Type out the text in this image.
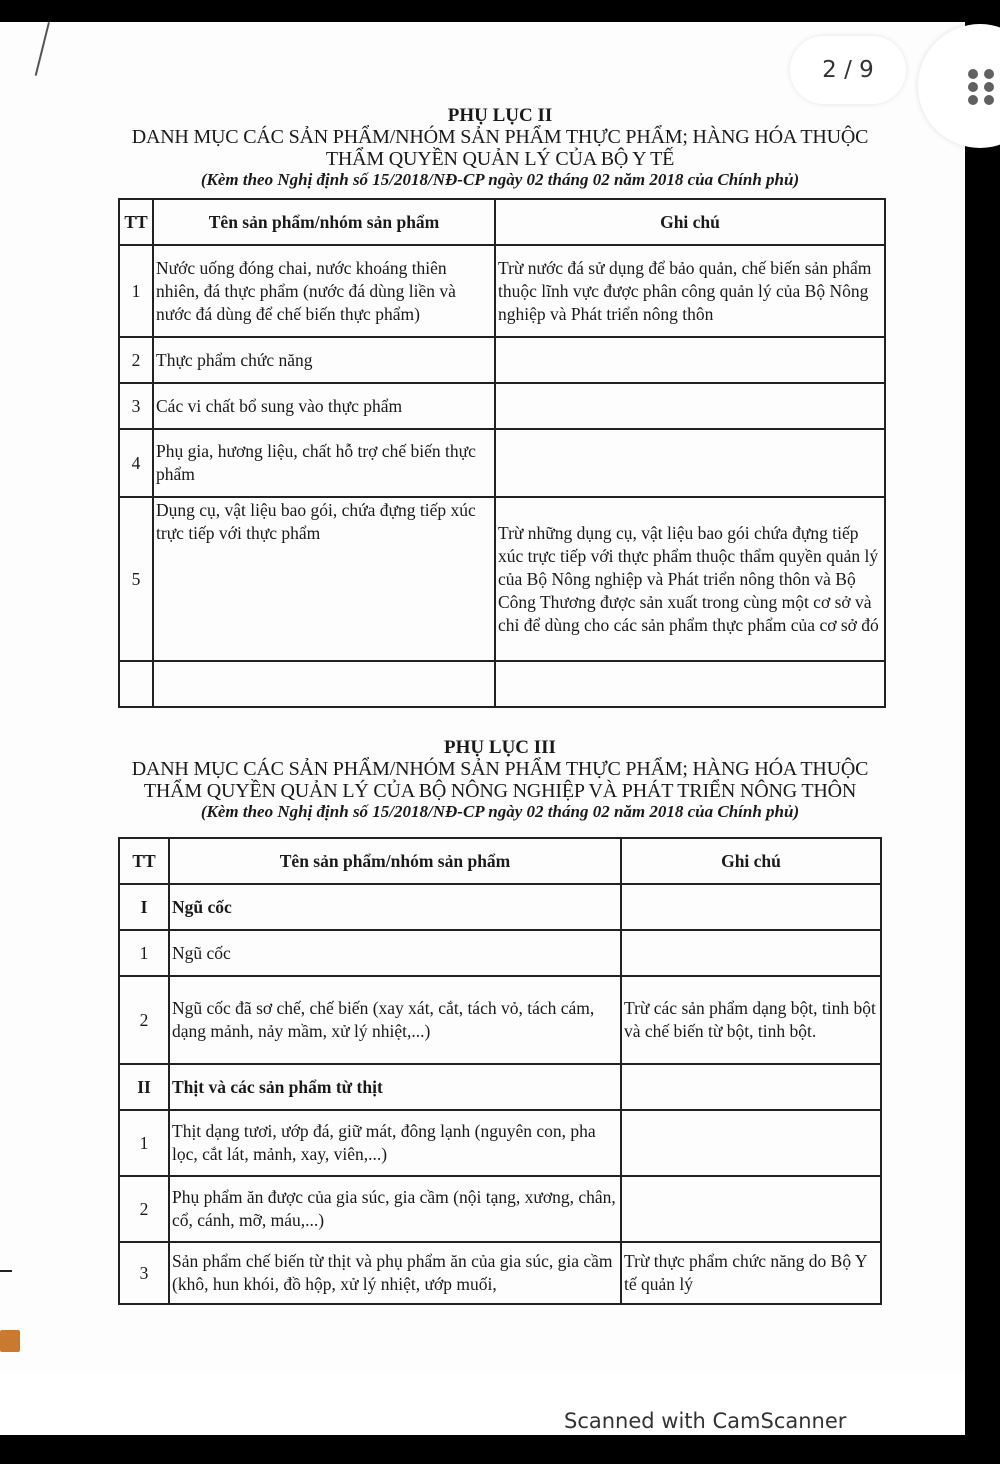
PHỤ LỤC II
DANH MỤC CÁC SẢN PHẨM/NHÓM SẢN PHẨM THỰC PHẨM; HÀNG HÓA THUỘC
THẨM QUYỀN QUẢN LÝ CỦA BỘ Y TẾ
(Kèm theo Nghị định số 15/2018/NĐ-CP ngày 02 tháng 02 năm 2018 của Chính phủ)
TT	Tên sản phẩm/nhóm sản phẩm	Ghi chú
1	Nước uống đóng chai, nước khoáng thiên nhiên, đá thực phẩm (nước đá dùng liền và nước đá dùng để chế biến thực phẩm)	Trừ nước đá sử dụng để bảo quản, chế biến sản phẩm thuộc lĩnh vực được phân công quản lý của Bộ Nông nghiệp và Phát triển nông thôn
2	Thực phẩm chức năng	
3	Các vi chất bổ sung vào thực phẩm	
4	Phụ gia, hương liệu, chất hỗ trợ chế biến thực phẩm	
5	Dụng cụ, vật liệu bao gói, chứa đựng tiếp xúc trực tiếp với thực phẩm	Trừ những dụng cụ, vật liệu bao gói chứa đựng tiếp xúc trực tiếp với thực phẩm thuộc thẩm quyền quản lý của Bộ Nông nghiệp và Phát triển nông thôn và Bộ Công Thương được sản xuất trong cùng một cơ sở và chỉ để dùng cho các sản phẩm thực phẩm của cơ sở đó

PHỤ LỤC III
DANH MỤC CÁC SẢN PHẨM/NHÓM SẢN PHẨM THỰC PHẨM; HÀNG HÓA THUỘC
THẨM QUYỀN QUẢN LÝ CỦA BỘ NÔNG NGHIỆP VÀ PHÁT TRIỂN NÔNG THÔN
(Kèm theo Nghị định số 15/2018/NĐ-CP ngày 02 tháng 02 năm 2018 của Chính phủ)
TT	Tên sản phẩm/nhóm sản phẩm	Ghi chú
I	Ngũ cốc	
1	Ngũ cốc	
2	Ngũ cốc đã sơ chế, chế biến (xay xát, cắt, tách vỏ, tách cám, dạng mảnh, nảy mầm, xử lý nhiệt,...)	Trừ các sản phẩm dạng bột, tinh bột và chế biến từ bột, tinh bột.
II	Thịt và các sản phẩm từ thịt	
1	Thịt dạng tươi, ướp đá, giữ mát, đông lạnh (nguyên con, pha lọc, cắt lát, mảnh, xay, viên,...)	
2	Phụ phẩm ăn được của gia súc, gia cầm (nội tạng, xương, chân, cổ, cánh, mỡ, máu,...)	
3	Sản phẩm chế biến từ thịt và phụ phẩm ăn của gia súc, gia cầm (khô, hun khói, đồ hộp, xử lý nhiệt, ướp muối,	Trừ thực phẩm chức năng do Bộ Y tế quản lý
Scanned with CamScanner
2 / 9
